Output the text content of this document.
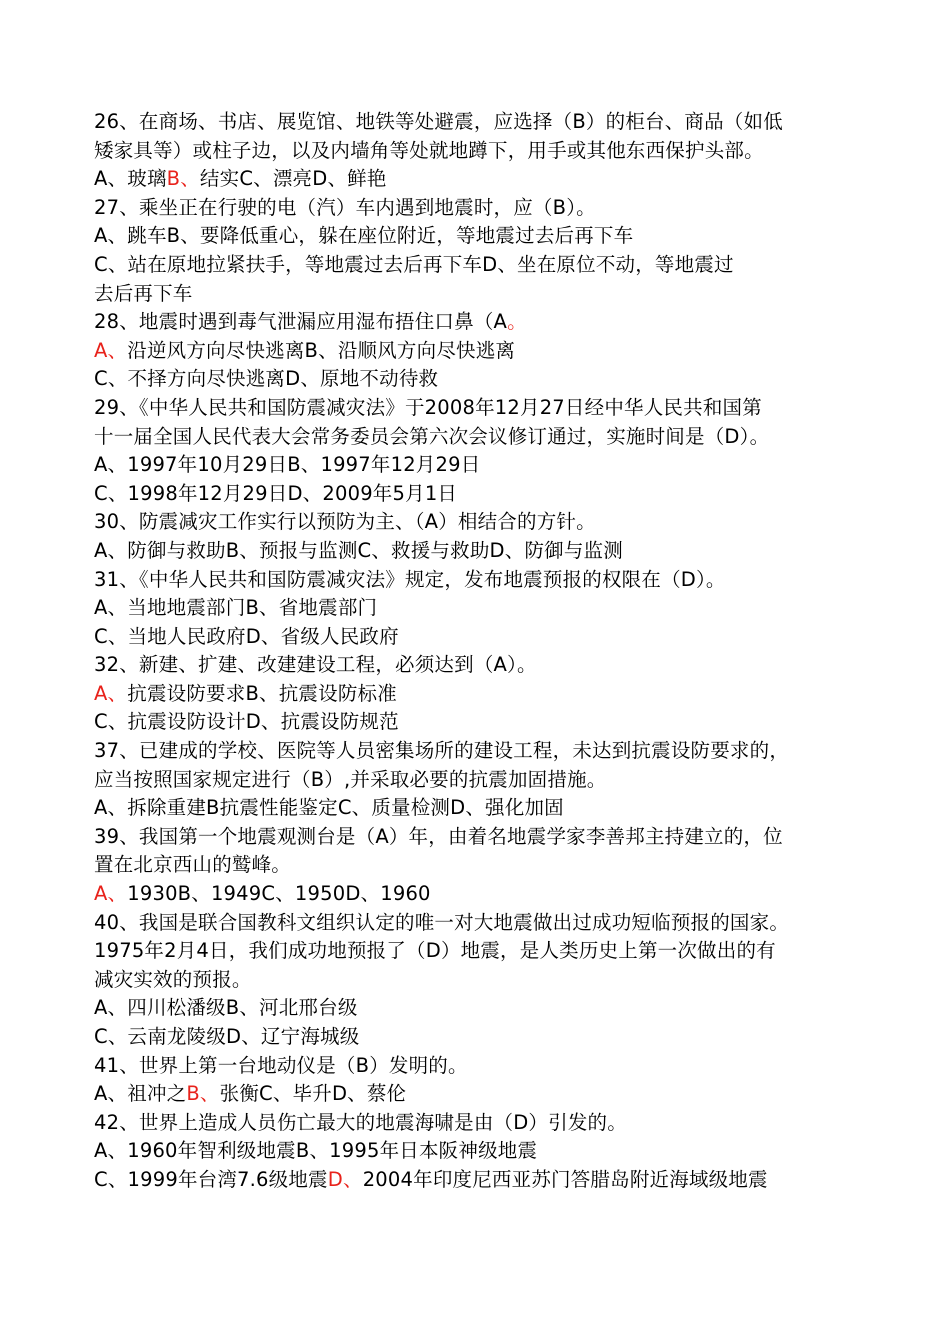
26、在商场、书店、展览馆、地铁等处避震，应选择（B）的柜台、商品（如低
矮家具等）或柱子边，以及内墙角等处就地蹲下，用手或其他东西保护头部。
A、玻璃B、结实C、漂亮D、鲜艳
27、乘坐正在行驶的电（汽）车内遇到地震时，应（B）。
A、跳车B、要降低重心，躲在座位附近，等地震过去后再下车
C、站在原地拉紧扶手，等地震过去后再下车D、坐在原位不动，等地震过
去后再下车
28、地震时遇到毒气泄漏应用湿布捂住口鼻（A。
A、沿逆风方向尽快逃离B、沿顺风方向尽快逃离
C、不择方向尽快逃离D、原地不动待救
29、《中华人民共和国防震减灾法》于2008年12月27日经中华人民共和国第
十一届全国人民代表大会常务委员会第六次会议修订通过，实施时间是（D）。
A、1997年10月29日B、1997年12月29日
C、1998年12月29日D、2009年5月1日
30、防震减灾工作实行以预防为主、（A）相结合的方针。
A、防御与救助B、预报与监测C、救援与救助D、防御与监测
31、《中华人民共和国防震减灾法》规定，发布地震预报的权限在（D）。
A、当地地震部门B、省地震部门
C、当地人民政府D、省级人民政府
32、新建、扩建、改建建设工程，必须达到（A）。
A、抗震设防要求B、抗震设防标准
C、抗震设防设计D、抗震设防规范
37、已建成的学校、医院等人员密集场所的建设工程，未达到抗震设防要求的，
应当按照国家规定进行（B）,并采取必要的抗震加固措施。
A、拆除重建B抗震性能鉴定C、质量检测D、强化加固
39、我国第一个地震观测台是（A）年，由着名地震学家李善邦主持建立的，位
置在北京西山的鹫峰。
A、1930B、1949C、1950D、1960
40、我国是联合国教科文组织认定的唯一对大地震做出过成功短临预报的国家。
1975年2月4日，我们成功地预报了（D）地震，是人类历史上第一次做出的有
减灾实效的预报。
A、四川松潘级B、河北邢台级
C、云南龙陵级D、辽宁海城级
41、世界上第一台地动仪是（B）发明的。
A、祖冲之B、张衡C、毕升D、蔡伦
42、世界上造成人员伤亡最大的地震海啸是由（D）引发的。
A、1960年智利级地震B、1995年日本阪神级地震
C、1999年台湾7.6级地震D、2004年印度尼西亚苏门答腊岛附近海域级地震
